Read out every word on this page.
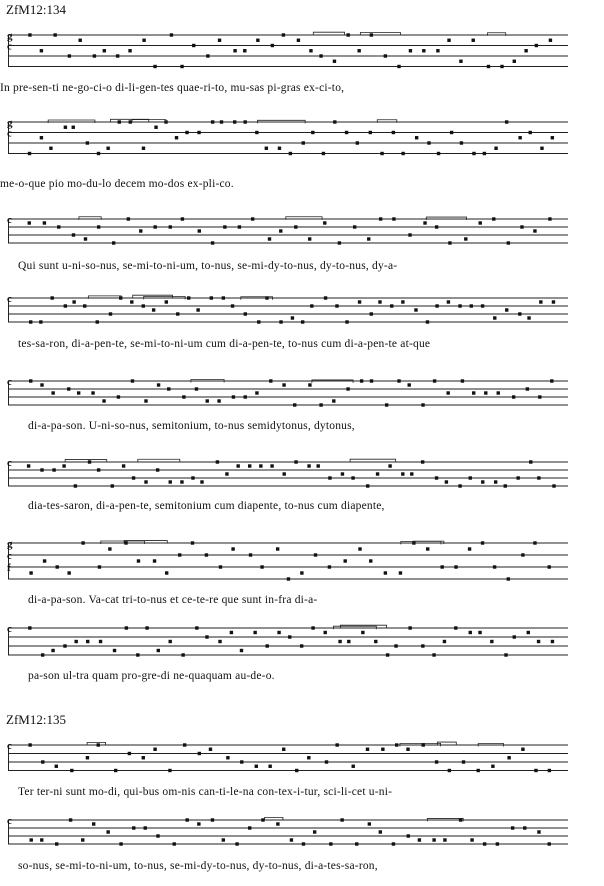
ZfM12:134
ZfM12:135
g
c
In pre-sen-ti ne-go-ci-o di-li-gen-tes quae-ri-to, mu-sas pi-gras ex-ci-to,
g
c
me-o-que pio mo-du-lo decem mo-dos ex-pli-co.
c
Qui sunt u-ni-so-nus, se-mi-to-ni-um, to-nus, se-mi-dy-to-nus, dy-to-nus, dy-a-
c
tes-sa-ron, di-a-pen-te, se-mi-to-ni-um cum di-a-pen-te, to-nus cum di-a-pen-te at-que
c
di-a-pa-son. U-ni-so-nus, semitonium, to-nus semidytonus, dytonus,
c
dia-tes-saron, di-a-pen-te, semitonium cum diapente, to-nus cum diapente,
g
c
f
di-a-pa-son. Va-cat tri-to-nus et ce-te-re que sunt in-fra di-a-
c
pa-son ul-tra quam pro-gre-di ne-quaquam au-de-o.
c
Ter ter-ni sunt mo-di, qui-bus om-nis can-ti-le-na con-tex-i-tur, sci-li-cet u-ni-
c
so-nus, se-mi-to-ni-um, to-nus, se-mi-dy-to-nus, dy-to-nus, di-a-tes-sa-ron,
